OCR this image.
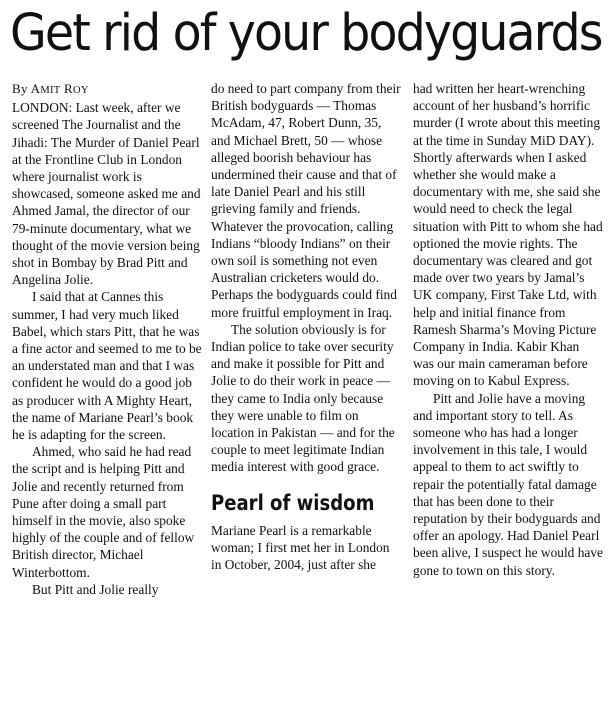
Get rid of your bodyguards

By AMIT ROY

LONDON: Last week, after we screened The Journalist and the Jihadi: The Murder of Daniel Pearl at the Frontline Club in London where journalist work is showcased, someone asked me and Ahmed Jamal, the director of our 79-minute documentary, what we thought of the movie version being shot in Bombay by Brad Pitt and Angelina Jolie.

I said that at Cannes this summer, I had very much liked Babel, which stars Pitt, that he was a fine actor and seemed to me to be an understated man and that I was confident he would do a good job as producer with A Mighty Heart, the name of Mariane Pearl’s book he is adapting for the screen.

Ahmed, who said he had read the script and is helping Pitt and Jolie and recently returned from Pune after doing a small part himself in the movie, also spoke highly of the couple and of fellow British director, Michael Winterbottom.

But Pitt and Jolie really

do need to part company from their British bodyguards — Thomas McAdam, 47, Robert Dunn, 35, and Michael Brett, 50 — whose alleged boorish behaviour has undermined their cause and that of late Daniel Pearl and his still grieving family and friends. Whatever the provocation, calling Indians “bloody Indians” on their own soil is something not even Australian cricketers would do. Perhaps the bodyguards could find more fruitful employment in Iraq.

The solution obviously is for Indian police to take over security and make it possible for Pitt and Jolie to do their work in peace — they came to India only because they were unable to film on location in Pakistan — and for the couple to meet legitimate Indian media interest with good grace.

Pearl of wisdom

Mariane Pearl is a remarkable woman; I first met her in London in October, 2004, just after she

had written her heart-wrenching account of her husband’s horrific murder (I wrote about this meeting at the time in Sunday MiD DAY). Shortly afterwards when I asked whether she would make a documentary with me, she said she would need to check the legal situation with Pitt to whom she had optioned the movie rights. The documentary was cleared and got made over two years by Jamal’s UK company, First Take Ltd, with help and initial finance from Ramesh Sharma’s Moving Picture Company in India. Kabir Khan was our main cameraman before moving on to Kabul Express.

Pitt and Jolie have a moving and important story to tell. As someone who has had a longer involvement in this tale, I would appeal to them to act swiftly to repair the potentially fatal damage that has been done to their reputation by their bodyguards and offer an apology. Had Daniel Pearl been alive, I suspect he would have gone to town on this story.
